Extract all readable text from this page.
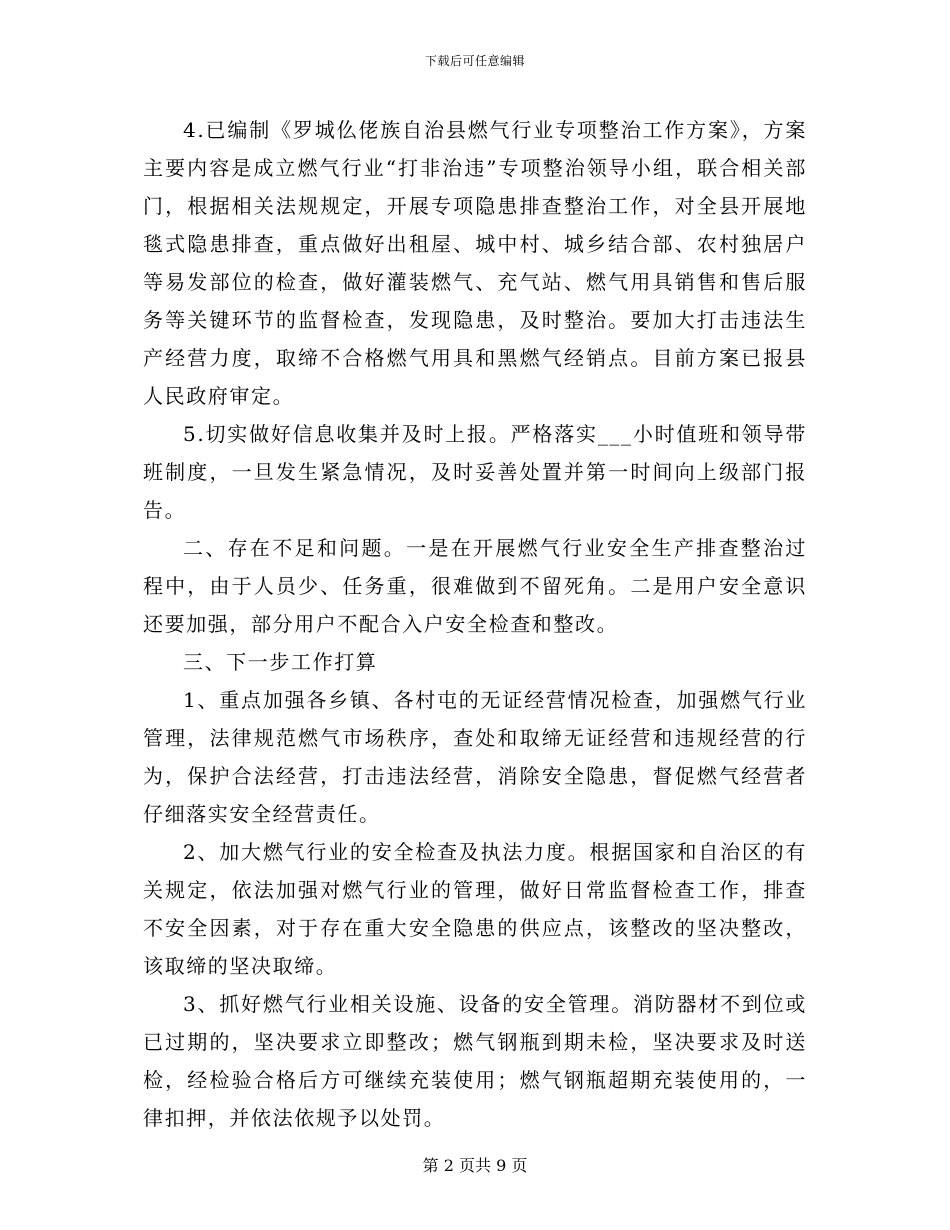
下载后可任意编辑

4.已编制《罗城仫佬族自治县燃气行业专项整治工作方案》，方案主要内容是成立燃气行业“打非治违”专项整治领导小组，联合相关部门，根据相关法规规定，开展专项隐患排查整治工作，对全县开展地毯式隐患排查，重点做好出租屋、城中村、城乡结合部、农村独居户等易发部位的检查，做好灌装燃气、充气站、燃气用具销售和售后服务等关键环节的监督检查，发现隐患，及时整治。要加大打击违法生产经营力度，取缔不合格燃气用具和黑燃气经销点。目前方案已报县人民政府审定。

5.切实做好信息收集并及时上报。严格落实___小时值班和领导带班制度，一旦发生紧急情况，及时妥善处置并第一时间向上级部门报告。

二、存在不足和问题。一是在开展燃气行业安全生产排查整治过程中，由于人员少、任务重，很难做到不留死角。二是用户安全意识还要加强，部分用户不配合入户安全检查和整改。

三、下一步工作打算

1、重点加强各乡镇、各村屯的无证经营情况检查，加强燃气行业管理，法律规范燃气市场秩序，查处和取缔无证经营和违规经营的行为，保护合法经营，打击违法经营，消除安全隐患，督促燃气经营者仔细落实安全经营责任。

2、加大燃气行业的安全检查及执法力度。根据国家和自治区的有关规定，依法加强对燃气行业的管理，做好日常监督检查工作，排查不安全因素，对于存在重大安全隐患的供应点，该整改的坚决整改，该取缔的坚决取缔。

3、抓好燃气行业相关设施、设备的安全管理。消防器材不到位或已过期的，坚决要求立即整改；燃气钢瓶到期未检，坚决要求及时送检，经检验合格后方可继续充装使用；燃气钢瓶超期充装使用的，一律扣押，并依法依规予以处罚。

第 2 页共 9 页
